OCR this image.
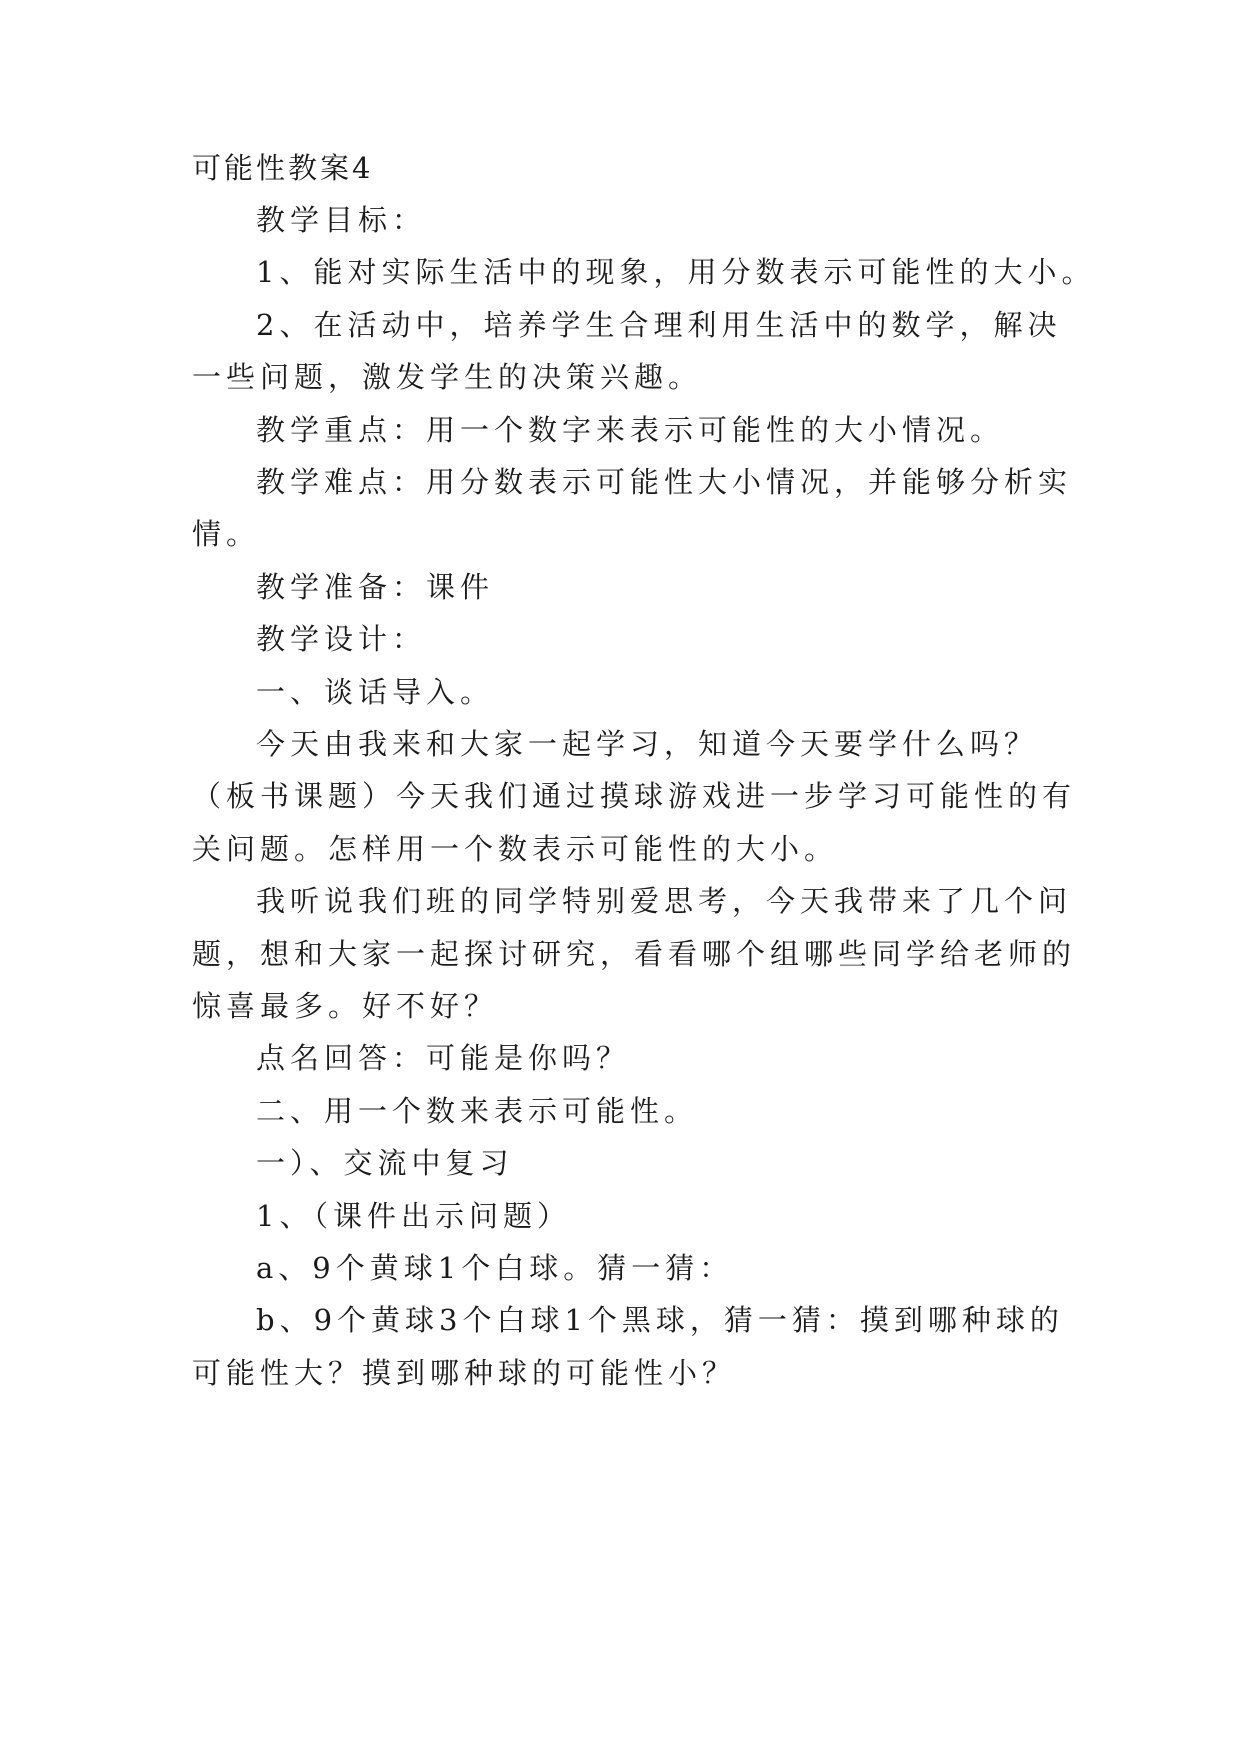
可能性教案4
教学目标：
1、能对实际生活中的现象，用分数表示可能性的大小。
2、在活动中，培养学生合理利用生活中的数学，解决
一些问题，激发学生的决策兴趣。
教学重点：用一个数字来表示可能性的大小情况。
教学难点：用分数表示可能性大小情况，并能够分析实
情。
教学准备：课件
教学设计：
一、谈话导入。
今天由我来和大家一起学习，知道今天要学什么吗？
（板书课题）今天我们通过摸球游戏进一步学习可能性的有
关问题。怎样用一个数表示可能性的大小。
我听说我们班的同学特别爱思考，今天我带来了几个问
题，想和大家一起探讨研究，看看哪个组哪些同学给老师的
惊喜最多。好不好？
点名回答：可能是你吗？
二、用一个数来表示可能性。
一）、交流中复习
1、（课件出示问题）
a、9个黄球1个白球。猜一猜：
b、9个黄球3个白球1个黑球，猜一猜：摸到哪种球的
可能性大？摸到哪种球的可能性小？
